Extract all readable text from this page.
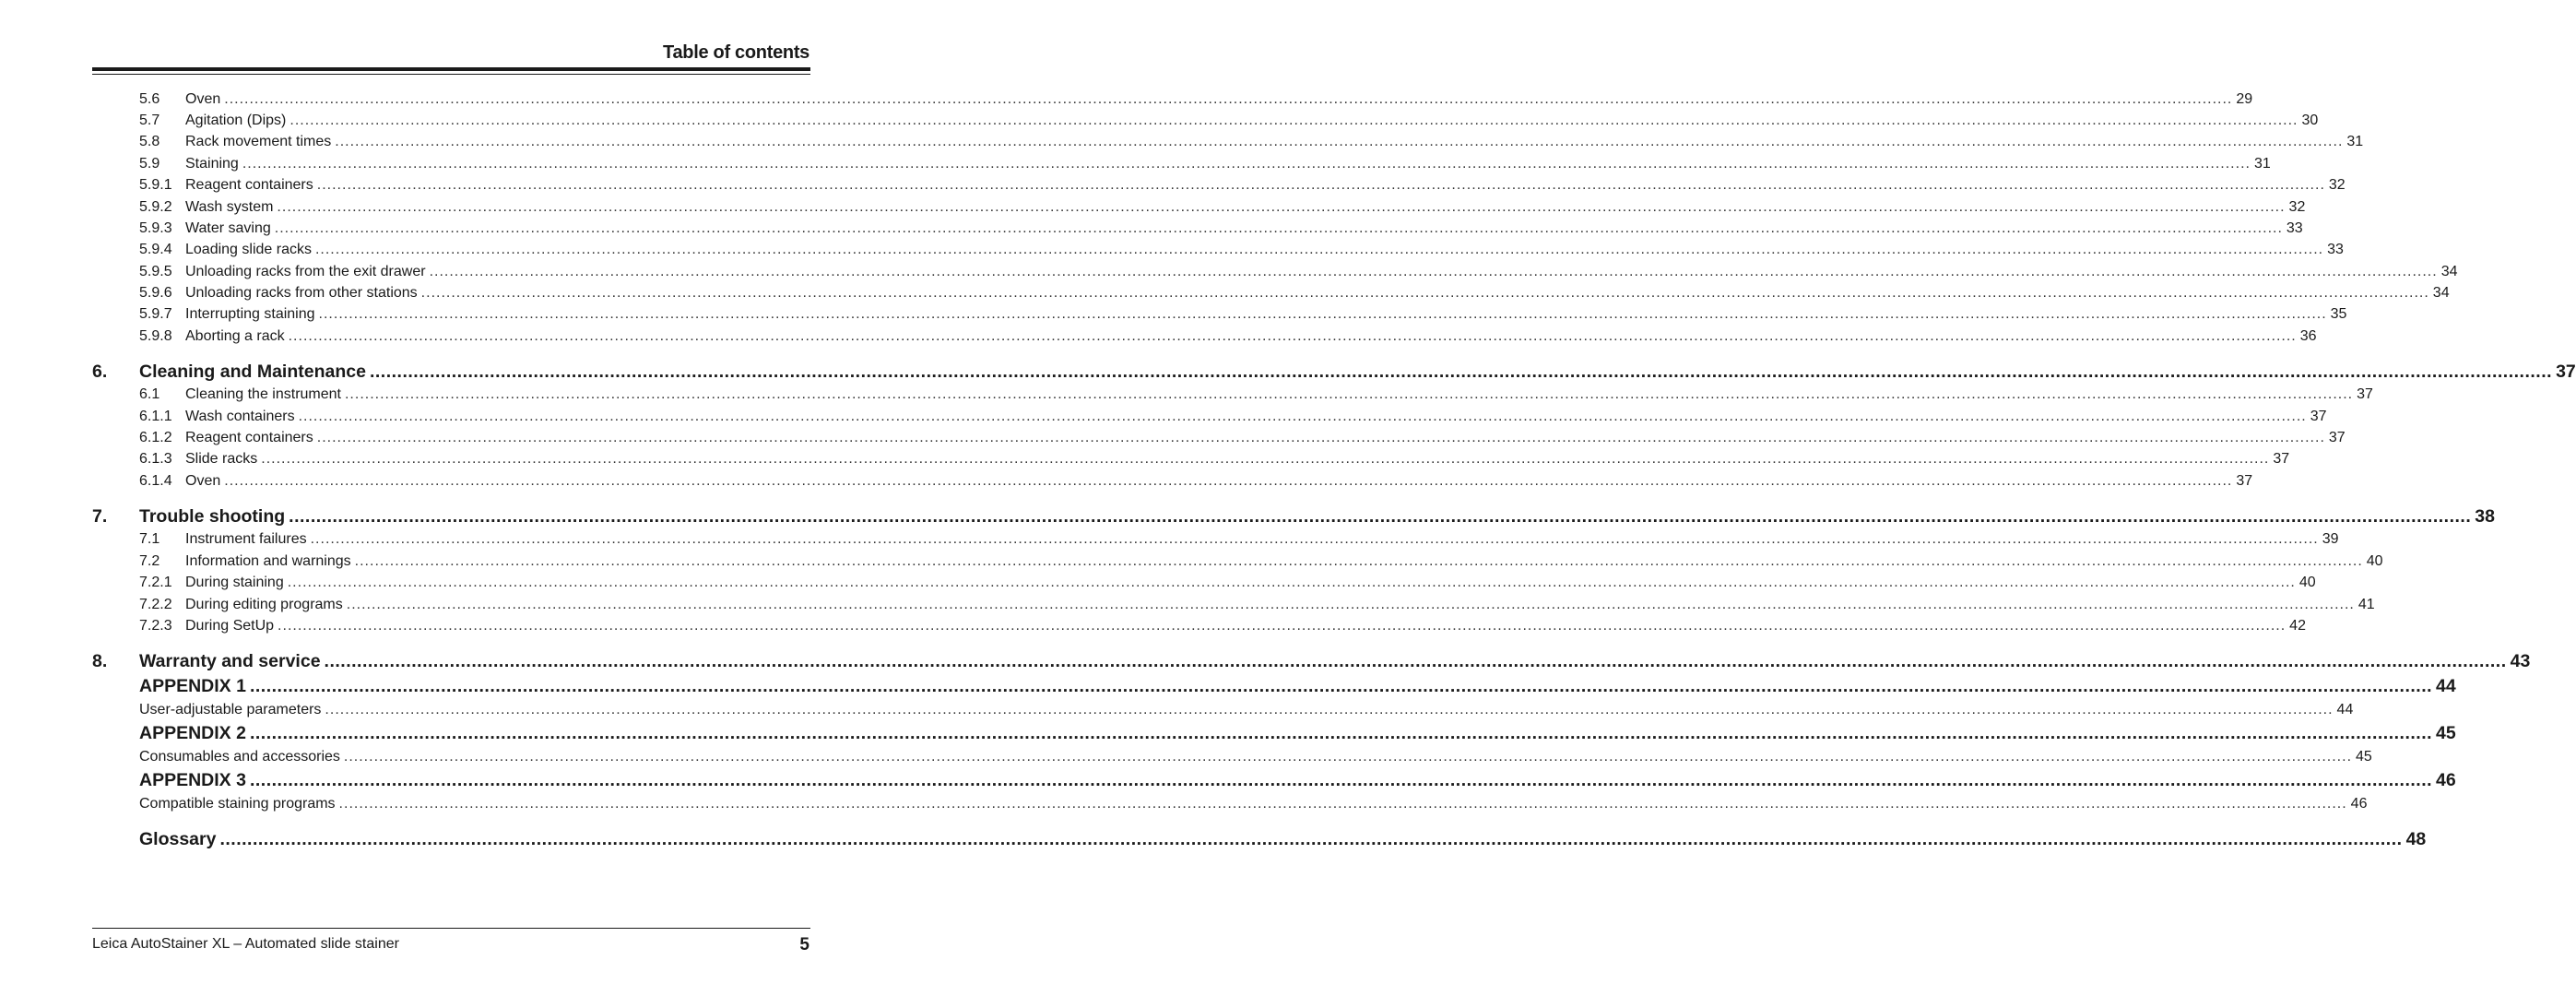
Table of contents
5.6	Oven ................................................................................................................................................................................................................................................................................................................................................................................................................ 29
5.7	Agitation (Dips) ................................................................................................................................................................................................................................................................................................................................................................................................................ 30
5.8	Rack movement times ................................................................................................................................................................................................................................................................................................................................................................................................................ 31
5.9	Staining ................................................................................................................................................................................................................................................................................................................................................................................................................ 31
5.9.1 Reagent containers ................................................................................................................................................................................................................................................................................................................................................................................................................ 32
5.9.2 Wash system ................................................................................................................................................................................................................................................................................................................................................................................................................ 32
5.9.3 Water saving ................................................................................................................................................................................................................................................................................................................................................................................................................ 33
5.9.4 Loading slide racks ................................................................................................................................................................................................................................................................................................................................................................................................................ 33
5.9.5 Unloading racks from the exit drawer ................................................................................................................................................................................................................................................................................................................................................................................................................ 34
5.9.6 Unloading racks from other stations ................................................................................................................................................................................................................................................................................................................................................................................................................ 34
5.9.7 Interrupting staining ................................................................................................................................................................................................................................................................................................................................................................................................................ 35
5.9.8 Aborting a rack ................................................................................................................................................................................................................................................................................................................................................................................................................ 36
6.	Cleaning and Maintenance ................................................................................................................................................................................................................................................................................................................................................................................................................ 37
6.1	Cleaning the instrument ................................................................................................................................................................................................................................................................................................................................................................................................................ 37
6.1.1 Wash containers ................................................................................................................................................................................................................................................................................................................................................................................................................ 37
6.1.2 Reagent containers ................................................................................................................................................................................................................................................................................................................................................................................................................ 37
6.1.3 Slide racks ................................................................................................................................................................................................................................................................................................................................................................................................................ 37
6.1.4 Oven ................................................................................................................................................................................................................................................................................................................................................................................................................ 37
7.	Trouble shooting ................................................................................................................................................................................................................................................................................................................................................................................................................ 38
7.1	Instrument failures ................................................................................................................................................................................................................................................................................................................................................................................................................ 39
7.2	Information and warnings ................................................................................................................................................................................................................................................................................................................................................................................................................ 40
7.2.1 During staining ................................................................................................................................................................................................................................................................................................................................................................................................................ 40
7.2.2 During editing programs ................................................................................................................................................................................................................................................................................................................................................................................................................ 41
7.2.3 During SetUp ................................................................................................................................................................................................................................................................................................................................................................................................................ 42
8.	Warranty and service ................................................................................................................................................................................................................................................................................................................................................................................................................ 43
APPENDIX 1 ................................................................................................................................................................................................................................................................................................................................................................................................................ 44
User-adjustable parameters ................................................................................................................................................................................................................................................................................................................................................................................................................ 44
APPENDIX 2 ................................................................................................................................................................................................................................................................................................................................................................................................................ 45
Consumables and accessories ................................................................................................................................................................................................................................................................................................................................................................................................................ 45
APPENDIX 3 ................................................................................................................................................................................................................................................................................................................................................................................................................ 46
Compatible staining programs ................................................................................................................................................................................................................................................................................................................................................................................................................ 46
Glossary ................................................................................................................................................................................................................................................................................................................................................................................................................ 48
Leica AutoStainer XL – Automated slide stainer	5
